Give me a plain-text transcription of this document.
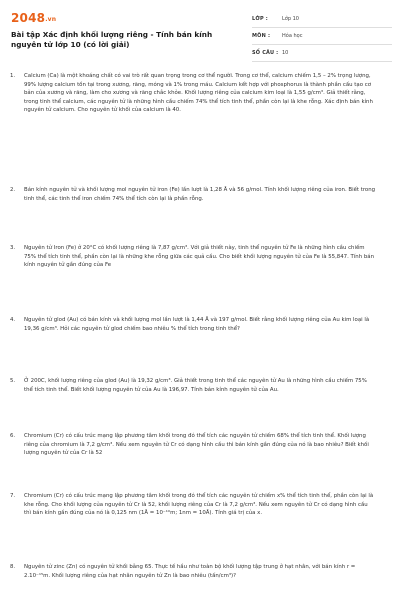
2048.vn
Bài tập Xác định khối lượng riêng - Tính bán kính nguyên tử lớp 10 (có lời giải)
LỚP :	Lớp 10
MÔN :	Hóa học
SỐ CÂU : 10
1.	Calcium (Ca) là một khoáng chất có vai trò rất quan trọng trong cơ thể người. Trong cơ thể, calcium chiếm 1,5 – 2% trọng lượng, 99% lượng calcium tồn tại trong xương, răng, móng và 1% trong máu. Calcium kết hợp với phosphorus là thành phần cấu tạo cơ bản của xương và răng, làm cho xương và răng chắc khỏe. Khối lượng riêng của calcium kim loại là 1,55 g/cm³. Giả thiết rằng, trong tinh thể calcium, các nguyên tử là những hình cầu chiếm 74% thể tích tinh thể, phần còn lại là khe rỗng. Xác định bán kính nguyên tử calcium. Cho nguyên tử khối của calcium là 40.
2.	Bán kính nguyên tử và khối lượng mol nguyên tử iron (Fe) lần lượt là 1,28 Å và 56 g/mol. Tính khối lượng riêng của iron. Biết trong tinh thể, các tinh thể iron chiếm 74% thể tích còn lại là phần rỗng.
3.	Nguyên tử Iron (Fe) ở 20°C có khối lượng riêng là 7,87 g/cm³. Với giả thiết này, tinh thể nguyên tử Fe là những hình cầu chiếm 75% thể tích tinh thể, phần còn lại là những khe rỗng giữa các quả cầu. Cho biết khối lượng nguyên tử của Fe là 55,847. Tính bán kính nguyên tử gần đúng của Fe
4.	Nguyên tử glod (Au) có bán kính và khối lượng mol lần lượt là 1,44 Å và 197 g/mol. Biết rằng khối lượng riêng của Au kim loại là 19,36 g/cm³. Hỏi các nguyên tử glod chiếm bao nhiêu % thể tích trong tinh thể?
5.	Ở 200C, khối lượng riêng của glod (Au) là 19,32 g/cm³. Giả thiết trong tinh thể các nguyên tử Au là những hình cầu chiếm 75% thể tích tinh thể. Biết khối lượng nguyên tử của Au là 196,97. Tính bán kính nguyên tử của Au.
6.	Chromium (Cr) có cấu trúc mạng lập phương tâm khối trong đó thể tích các nguyên tử chiếm 68% thể tích tinh thể. Khối lượng riêng của chromium là 7,2 g/cm³. Nếu xem nguyên tử Cr có dạng hình cầu thì bán kính gần đúng của nó là bao nhiêu? Biết khối lượng nguyên tử của Cr là 52
7.	Chromium (Cr) có cấu trúc mạng lập phương tâm khối trong đó thể tích các nguyên tử chiếm x% thể tích tinh thể, phần còn lại là khe rỗng. Cho khối lượng của nguyên tử Cr là 52, khối lượng riêng của Cr là 7,2 g/cm³. Nếu xem nguyên tử Cr có dạng hình cầu thì bán kính gần đúng của nó là 0,125 nm (1Å = 10⁻¹⁰m; 1nm = 10Å). Tính giá trị của x.
8.	Nguyên tử zinc (Zn) có nguyên tử khối bằng 65. Thực tế hầu như toàn bộ khối lượng tập trung ở hạt nhân, với bán kính r = 2.10⁻¹⁵m. Khối lượng riêng của hạt nhân nguyên tử Zn là bao nhiêu (tấn/cm³)?
